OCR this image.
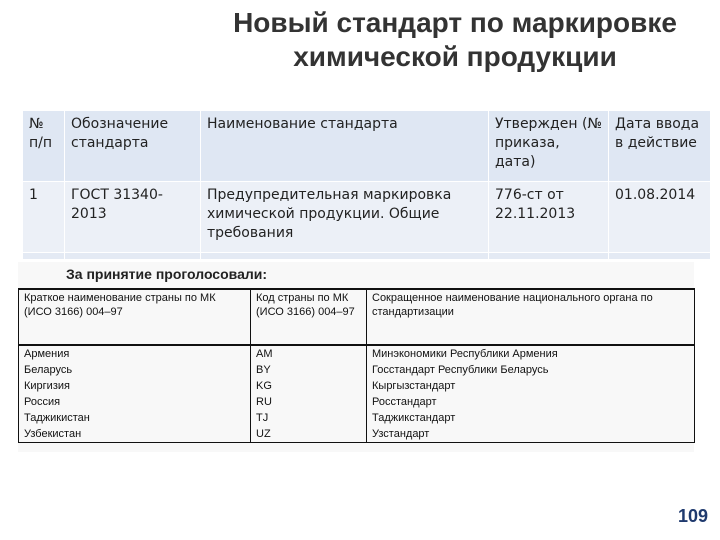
Новый стандарт по маркировке
химической продукции
№ п/п	Обозначение стандарта	Наименование стандарта	Утвержден (№ приказа, дата)	Дата ввода в действие
1	ГОСТ 31340-2013	Предупредительная маркировка химической продукции. Общие требования	776-ст от 22.11.2013	01.08.2014

За принятие проголосовали:
Краткое наименование страны по МК (ИСО 3166) 004–97	Код страны по МК (ИСО 3166) 004–97	Сокращенное наименование национального органа по стандартизации
Армения	AM	Минэкономики Республики Армения
Беларусь	BY	Госстандарт Республики Беларусь
Киргизия	KG	Кыргызстандарт
Россия	RU	Росстандарт
Таджикистан	TJ	Таджикстандарт
Узбекистан	UZ	Узстандарт
109
